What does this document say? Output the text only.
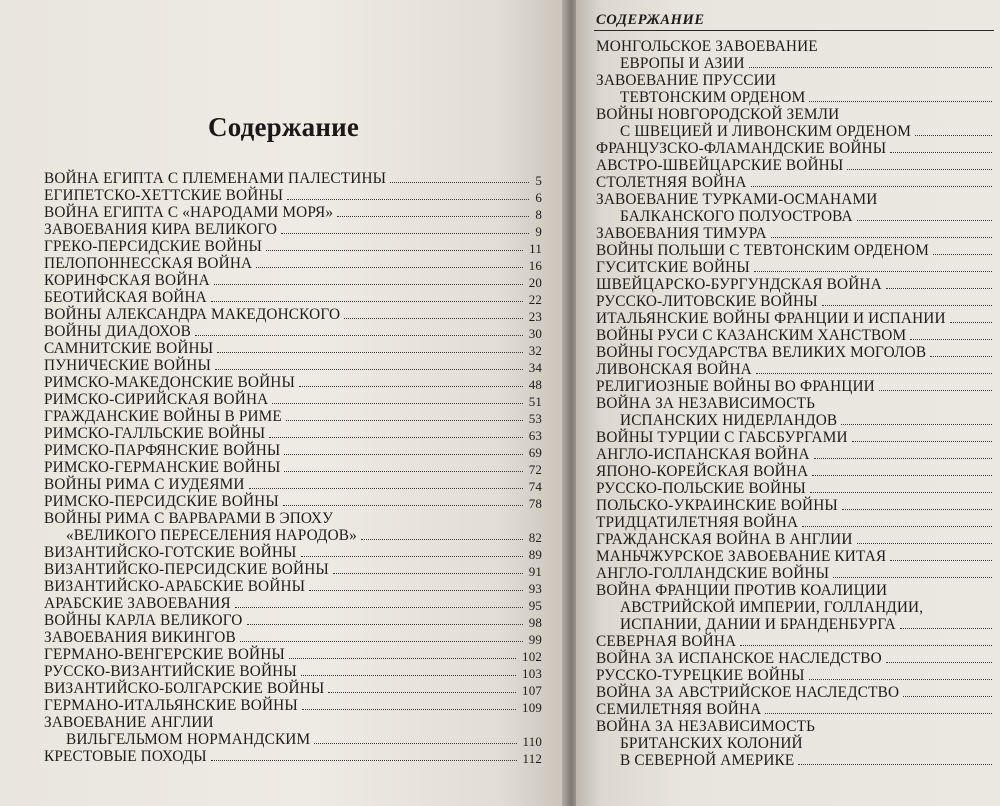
Содержание
ВОЙНА ЕГИПТА С ПЛЕМЕНАМИ ПАЛЕСТИНЫ	5
ЕГИПЕТСКО-ХЕТТСКИЕ ВОЙНЫ	6
ВОЙНА ЕГИПТА С «НАРОДАМИ МОРЯ»	8
ЗАВОЕВАНИЯ КИРА ВЕЛИКОГО	9
ГРЕКО-ПЕРСИДСКИЕ ВОЙНЫ	11
ПЕЛОПОННЕССКАЯ ВОЙНА	16
КОРИНФСКАЯ ВОЙНА	20
БЕОТИЙСКАЯ ВОЙНА	22
ВОЙНЫ АЛЕКСАНДРА МАКЕДОНСКОГО	23
ВОЙНЫ ДИАДОХОВ	30
САМНИТСКИЕ ВОЙНЫ	32
ПУНИЧЕСКИЕ ВОЙНЫ	34
РИМСКО-МАКЕДОНСКИЕ ВОЙНЫ	48
РИМСКО-СИРИЙСКАЯ ВОЙНА	51
ГРАЖДАНСКИЕ ВОЙНЫ В РИМЕ	53
РИМСКО-ГАЛЛЬСКИЕ ВОЙНЫ	63
РИМСКО-ПАРФЯНСКИЕ ВОЙНЫ	69
РИМСКО-ГЕРМАНСКИЕ ВОЙНЫ	72
ВОЙНЫ РИМА С ИУДЕЯМИ	74
РИМСКО-ПЕРСИДСКИЕ ВОЙНЫ	78
ВОЙНЫ РИМА С ВАРВАРАМИ В ЭПОХУ
«ВЕЛИКОГО ПЕРЕСЕЛЕНИЯ НАРОДОВ»	82
ВИЗАНТИЙСКО-ГОТСКИЕ ВОЙНЫ	89
ВИЗАНТИЙСКО-ПЕРСИДСКИЕ ВОЙНЫ	91
ВИЗАНТИЙСКО-АРАБСКИЕ ВОЙНЫ	93
АРАБСКИЕ ЗАВОЕВАНИЯ	95
ВОЙНЫ КАРЛА ВЕЛИКОГО	98
ЗАВОЕВАНИЯ ВИКИНГОВ	99
ГЕРМАНО-ВЕНГЕРСКИЕ ВОЙНЫ	102
РУССКО-ВИЗАНТИЙСКИЕ ВОЙНЫ	103
ВИЗАНТИЙСКО-БОЛГАРСКИЕ ВОЙНЫ	107
ГЕРМАНО-ИТАЛЬЯНСКИЕ ВОЙНЫ	109
ЗАВОЕВАНИЕ АНГЛИИ
ВИЛЬГЕЛЬМОМ НОРМАНДСКИМ	110
КРЕСТОВЫЕ ПОХОДЫ	112
СОДЕРЖАНИЕ
МОНГОЛЬСКОЕ ЗАВОЕВАНИЕ
ЕВРОПЫ И АЗИИ
ЗАВОЕВАНИЕ ПРУССИИ
ТЕВТОНСКИМ ОРДЕНОМ
ВОЙНЫ НОВГОРОДСКОЙ ЗЕМЛИ
С ШВЕЦИЕЙ И ЛИВОНСКИМ ОРДЕНОМ
ФРАНЦУЗСКО-ФЛАМАНДСКИЕ ВОЙНЫ
АВСТРО-ШВЕЙЦАРСКИЕ ВОЙНЫ
СТОЛЕТНЯЯ ВОЙНА
ЗАВОЕВАНИЕ ТУРКАМИ-ОСМАНАМИ
БАЛКАНСКОГО ПОЛУОСТРОВА
ЗАВОЕВАНИЯ ТИМУРА
ВОЙНЫ ПОЛЬШИ С ТЕВТОНСКИМ ОРДЕНОМ
ГУСИТСКИЕ ВОЙНЫ
ШВЕЙЦАРСКО-БУРГУНДСКАЯ ВОЙНА
РУССКО-ЛИТОВСКИЕ ВОЙНЫ
ИТАЛЬЯНСКИЕ ВОЙНЫ ФРАНЦИИ И ИСПАНИИ
ВОЙНЫ РУСИ С КАЗАНСКИМ ХАНСТВОМ
ВОЙНЫ ГОСУДАРСТВА ВЕЛИКИХ МОГОЛОВ
ЛИВОНСКАЯ ВОЙНА
РЕЛИГИОЗНЫЕ ВОЙНЫ ВО ФРАНЦИИ
ВОЙНА ЗА НЕЗАВИСИМОСТЬ
ИСПАНСКИХ НИДЕРЛАНДОВ
ВОЙНЫ ТУРЦИИ С ГАБСБУРГАМИ
АНГЛО-ИСПАНСКАЯ ВОЙНА
ЯПОНО-КОРЕЙСКАЯ ВОЙНА
РУССКО-ПОЛЬСКИЕ ВОЙНЫ
ПОЛЬСКО-УКРАИНСКИЕ ВОЙНЫ
ТРИДЦАТИЛЕТНЯЯ ВОЙНА
ГРАЖДАНСКАЯ ВОЙНА В АНГЛИИ
МАНЬЧЖУРСКОЕ ЗАВОЕВАНИЕ КИТАЯ
АНГЛО-ГОЛЛАНДСКИЕ ВОЙНЫ
ВОЙНА ФРАНЦИИ ПРОТИВ КОАЛИЦИИ
АВСТРИЙСКОЙ ИМПЕРИИ, ГОЛЛАНДИИ,
ИСПАНИИ, ДАНИИ И БРАНДЕНБУРГА
СЕВЕРНАЯ ВОЙНА
ВОЙНА ЗА ИСПАНСКОЕ НАСЛЕДСТВО
РУССКО-ТУРЕЦКИЕ ВОЙНЫ
ВОЙНА ЗА АВСТРИЙСКОЕ НАСЛЕДСТВО
СЕМИЛЕТНЯЯ ВОЙНА
ВОЙНА ЗА НЕЗАВИСИМОСТЬ
БРИТАНСКИХ КОЛОНИЙ
В СЕВЕРНОЙ АМЕРИКЕ
